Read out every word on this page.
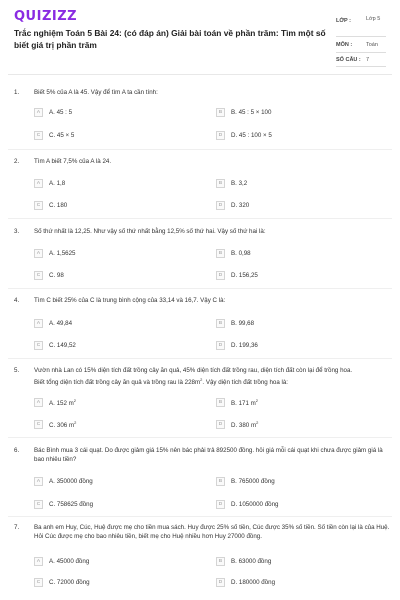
QUIZIZZ
Trắc nghiệm Toán 5 Bài 24: (có đáp án) Giải bài toán về phần trăm: Tìm một số biết giá trị phần trăm
LỚP :	Lớp 5
MÔN :	Toán
SỐ CÂU : 7
1. Biết 5% của A là 45. Vậy để tìm A ta cần tính:
A	A. 45 : 5	B	B. 45 : 5 × 100
C	C. 45 × 5	D	D. 45 : 100 × 5
2. Tìm A biết 7,5% của A là 24.
A	A. 1,8	B	B. 3,2
C	C. 180	D	D. 320
3. Số thứ nhất là 12,25. Như vậy số thứ nhất bằng 12,5% số thứ hai. Vậy số thứ hai là:
A	A. 1,5625	B	B. 0,98
C	C. 98	D	D. 156,25
4. Tìm C biết 25% của C là trung bình cộng của 33,14 và 16,7. Vậy C là:
A	A. 49,84	B	B. 99,68
C	C. 149,52	D	D. 199,36
5. Vườn nhà Lan có 15% diện tích đất trồng cây ăn quả, 45% diện tích đất trồng rau, diện tích đất còn lại để trồng hoa.
Biết tổng diện tích đất trồng cây ăn quả và trồng rau là $228m^2$. Vậy diện tích đất trồng hoa là:
A	A. 152 $m^2$	B	B. 171 $m^2$
C	C. 306 $m^2$	D	D. 380 $m^2$
6. Bác Bình mua 3 cái quạt. Do được giảm giá 15% nên bác phải trả 892500 đồng. hỏi giá mỗi cái quạt khi chưa được giảm giá là bao nhiêu tiền?
A	A. 350000 đồng	B	B. 765000 đồng
C	C. 758625 đồng	D	D. 1050000 đồng
7. Ba anh em Huy, Cúc, Huệ được mẹ cho tiền mua sách. Huy được 25% số tiền, Cúc được 35% số tiền. Số tiền còn lại là của Huệ. Hỏi Cúc được mẹ cho bao nhiêu tiền, biết mẹ cho Huệ nhiều hơn Huy 27000 đồng.
A	A. 45000 đồng	B	B. 63000 đồng
C	C. 72000 đồng	D	D. 180000 đồng
